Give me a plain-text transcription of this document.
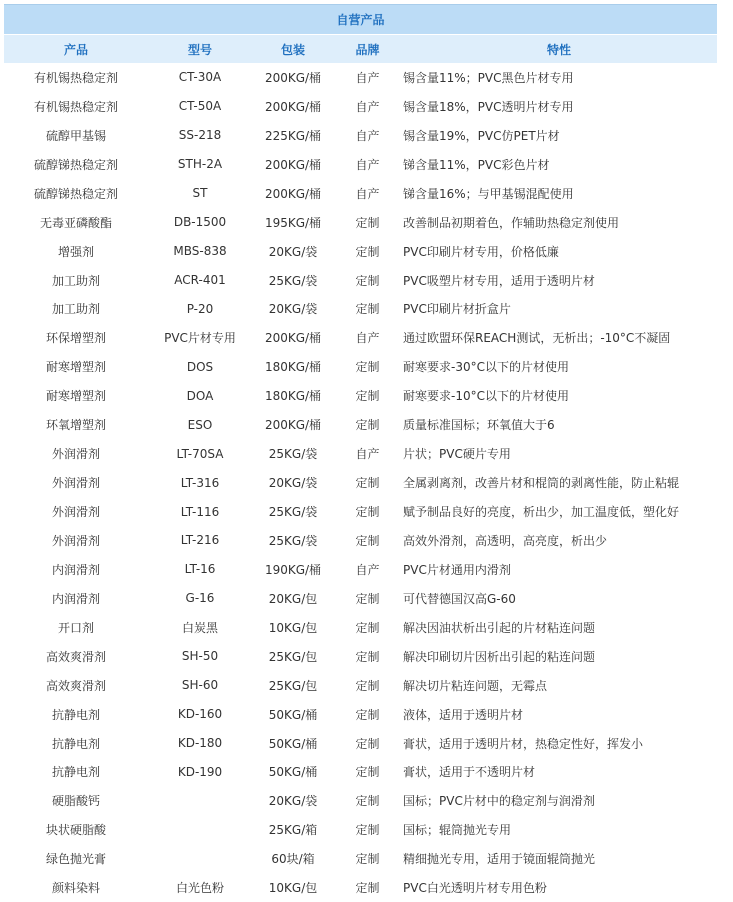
自营产品				
产品	型号	包装	品牌	特性
有机锡热稳定剂	CT-30A	200KG/桶	自产	锡含量11%；PVC黑色片材专用
有机锡热稳定剂	CT-50A	200KG/桶	自产	锡含量18%，PVC透明片材专用
硫醇甲基锡	SS-218	225KG/桶	自产	锡含量19%，PVC仿PET片材
硫醇锑热稳定剂	STH-2A	200KG/桶	自产	锑含量11%，PVC彩色片材
硫醇锑热稳定剂	ST	200KG/桶	自产	锑含量16%；与甲基锡混配使用
无毒亚磷酸酯	DB-1500	195KG/桶	定制	改善制品初期着色，作辅助热稳定剂使用
增强剂	MBS-838	20KG/袋	定制	PVC印刷片材专用，价格低廉
加工助剂	ACR-401	25KG/袋	定制	PVC吸塑片材专用，适用于透明片材
加工助剂	P-20	20KG/袋	定制	PVC印刷片材折盒片
环保增塑剂	PVC片材专用	200KG/桶	自产	通过欧盟环保REACH测试，无析出；-10°C不凝固
耐寒增塑剂	DOS	180KG/桶	定制	耐寒要求-30°C以下的片材使用
耐寒增塑剂	DOA	180KG/桶	定制	耐寒要求-10°C以下的片材使用
环氧增塑剂	ESO	200KG/桶	定制	质量标准国标；环氧值大于6
外润滑剂	LT-70SA	25KG/袋	自产	片状；PVC硬片专用
外润滑剂	LT-316	20KG/袋	定制	全属剥离剂，改善片材和棍筒的剥离性能，防止粘辊
外润滑剂	LT-116	25KG/袋	定制	赋予制品良好的亮度，析出少，加工温度低，塑化好
外润滑剂	LT-216	25KG/袋	定制	高效外滑剂，高透明，高亮度，析出少
内润滑剂	LT-16	190KG/桶	自产	PVC片材通用内滑剂
内润滑剂	G-16	20KG/包	定制	可代替德国汉高G-60
开口剂	白炭黑	10KG/包	定制	解决因油状析出引起的片材粘连问题
高效爽滑剂	SH-50	25KG/包	定制	解决印刷切片因析出引起的粘连问题
高效爽滑剂	SH-60	25KG/包	定制	解决切片粘连问题，无霉点
抗静电剂	KD-160	50KG/桶	定制	液体，适用于透明片材
抗静电剂	KD-180	50KG/桶	定制	膏状，适用于透明片材，热稳定性好，挥发小
抗静电剂	KD-190	50KG/桶	定制	膏状，适用于不透明片材
硬脂酸钙		20KG/袋	定制	国标；PVC片材中的稳定剂与润滑剂
块状硬脂酸		25KG/箱	定制	国标；辊筒抛光专用
绿色抛光膏		60块/箱	定制	精细抛光专用，适用于镜面辊筒抛光
颜料染料	白光色粉	10KG/包	定制	PVC白光透明片材专用色粉
